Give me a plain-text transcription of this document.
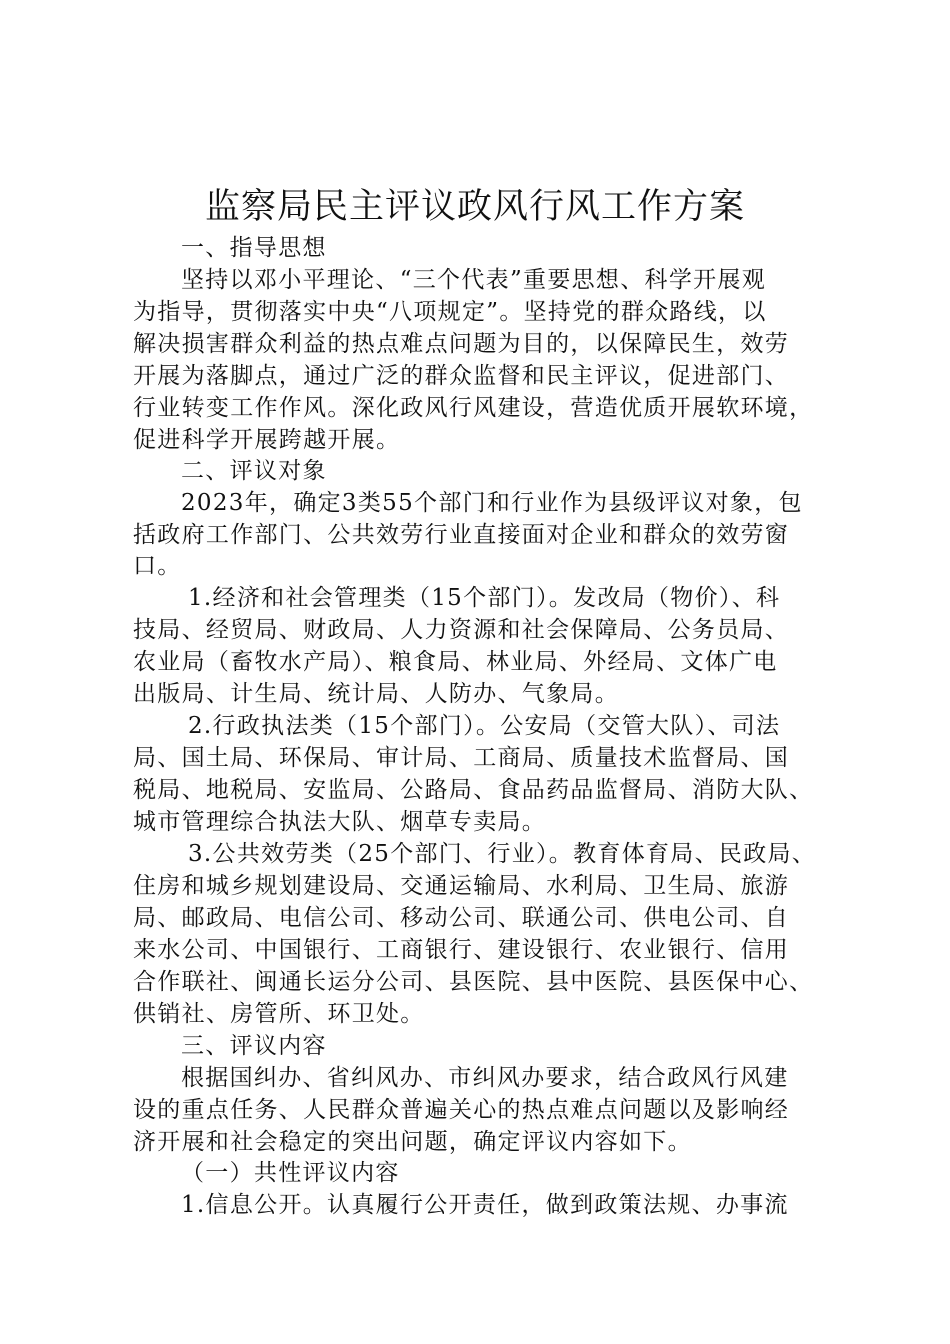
监察局民主评议政风行风工作方案
一、指导思想
坚持以邓小平理论、“三个代表”重要思想、科学开展观
为指导，贯彻落实中央“八项规定”。坚持党的群众路线，以
解决损害群众利益的热点难点问题为目的，以保障民生，效劳
开展为落脚点，通过广泛的群众监督和民主评议，促进部门、
行业转变工作作风。深化政风行风建设，营造优质开展软环境，
促进科学开展跨越开展。
二、评议对象
2023年，确定3类55个部门和行业作为县级评议对象，包
括政府工作部门、公共效劳行业直接面对企业和群众的效劳窗
口。
1.经济和社会管理类（15个部门）。发改局（物价）、科
技局、经贸局、财政局、人力资源和社会保障局、公务员局、
农业局（畜牧水产局）、粮食局、林业局、外经局、文体广电
出版局、计生局、统计局、人防办、气象局。
2.行政执法类（15个部门）。公安局（交管大队）、司法
局、国土局、环保局、审计局、工商局、质量技术监督局、国
税局、地税局、安监局、公路局、食品药品监督局、消防大队、
城市管理综合执法大队、烟草专卖局。
3.公共效劳类（25个部门、行业）。教育体育局、民政局、
住房和城乡规划建设局、交通运输局、水利局、卫生局、旅游
局、邮政局、电信公司、移动公司、联通公司、供电公司、自
来水公司、中国银行、工商银行、建设银行、农业银行、信用
合作联社、闽通长运分公司、县医院、县中医院、县医保中心、
供销社、房管所、环卫处。
三、评议内容
根据国纠办、省纠风办、市纠风办要求，结合政风行风建
设的重点任务、人民群众普遍关心的热点难点问题以及影响经
济开展和社会稳定的突出问题，确定评议内容如下。
（一）共性评议内容
1.信息公开。认真履行公开责任，做到政策法规、办事流
